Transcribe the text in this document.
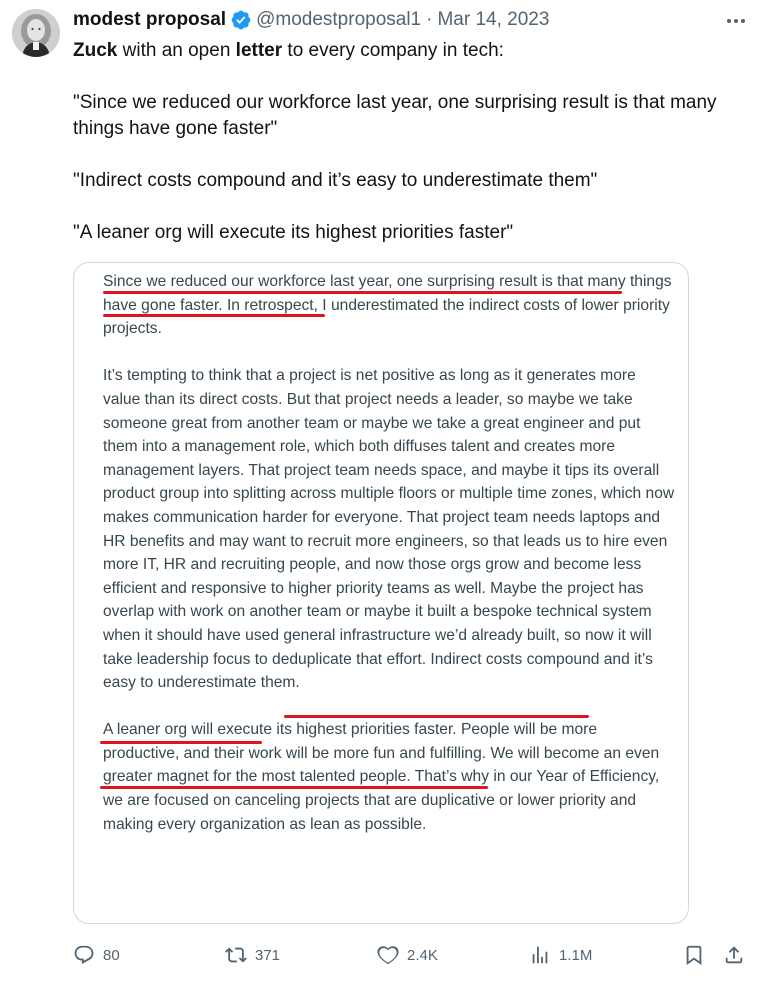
modest proposal @modestproposal1 · Mar 14, 2023

Zuck with an open letter to every company in tech:

"Since we reduced our workforce last year, one surprising result is that many things have gone faster"

"Indirect costs compound and it’s easy to underestimate them"

"A leaner org will execute its highest priorities faster"

Since we reduced our workforce last year, one surprising result is that many things have gone faster. In retrospect, I underestimated the indirect costs of lower priority projects.

It’s tempting to think that a project is net positive as long as it generates more value than its direct costs. But that project needs a leader, so maybe we take someone great from another team or maybe we take a great engineer and put them into a management role, which both diffuses talent and creates more management layers. That project team needs space, and maybe it tips its overall product group into splitting across multiple floors or multiple time zones, which now makes communication harder for everyone. That project team needs laptops and HR benefits and may want to recruit more engineers, so that leads us to hire even more IT, HR and recruiting people, and now those orgs grow and become less efficient and responsive to higher priority teams as well. Maybe the project has overlap with work on another team or maybe it built a bespoke technical system when it should have used general infrastructure we’d already built, so now it will take leadership focus to deduplicate that effort. Indirect costs compound and it’s easy to underestimate them.

A leaner org will execute its highest priorities faster. People will be more productive, and their work will be more fun and fulfilling. We will become an even greater magnet for the most talented people. That’s why in our Year of Efficiency, we are focused on canceling projects that are duplicative or lower priority and making every organization as lean as possible.

80	371	2.4K	1.1M
